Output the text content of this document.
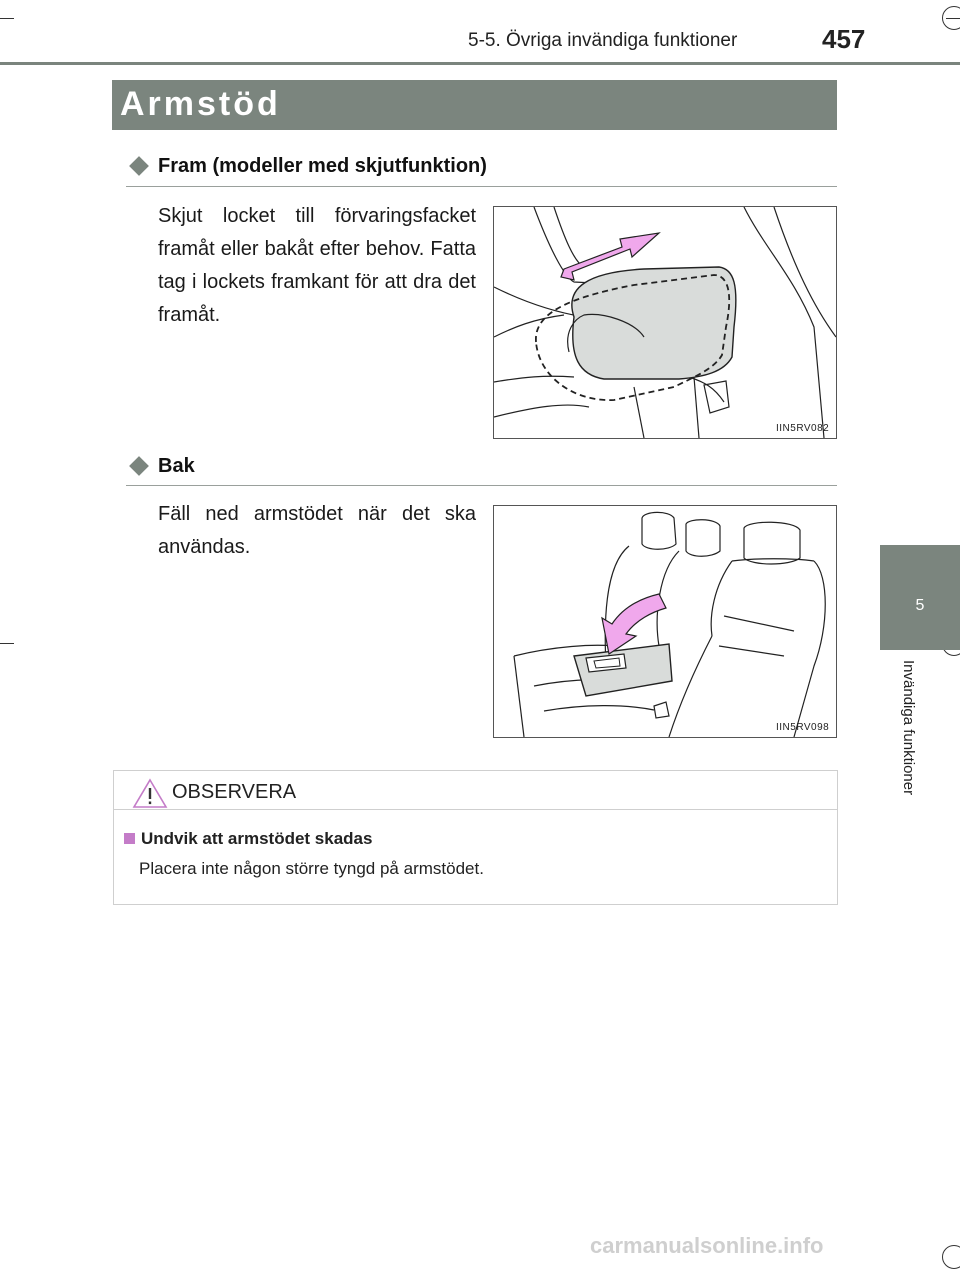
5-5. Övriga invändiga funktioner	457
Armstöd
5
Invändiga funktioner
Fram (modeller med skjutfunktion)
Skjut locket till förvaringsfacket framåt eller bakåt efter behov. Fatta tag i lockets framkant för att dra det framåt.
IIN5RV082
Bak
Fäll ned armstödet när det ska användas.
IIN5RV098
OBSERVERA
Undvik att armstödet skadas
Placera inte någon större tyngd på armstödet.
carmanualsonline.info
